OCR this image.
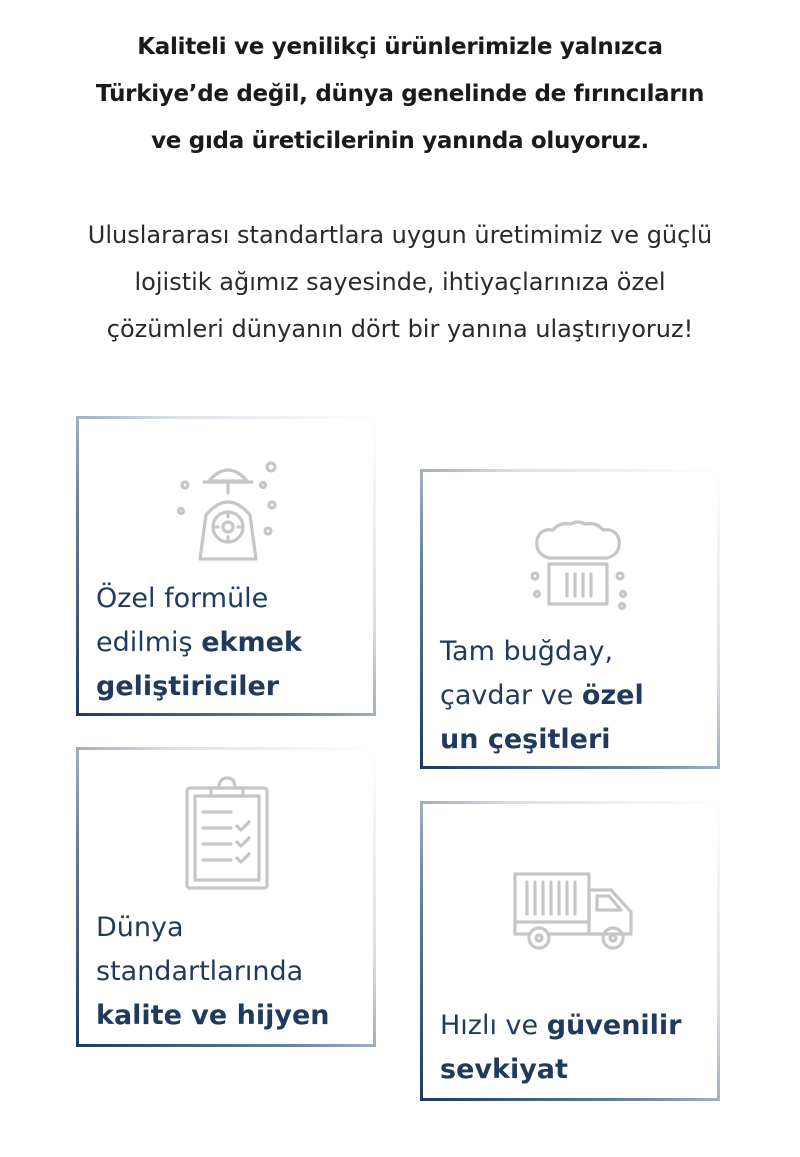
Kaliteli ve yenilikçi ürünlerimizle yalnızca
Türkiye’de değil, dünya genelinde de fırıncıların
ve gıda üreticilerinin yanında oluyoruz.
Uluslararası standartlara uygun üretimimiz ve güçlü
lojistik ağımız sayesinde, ihtiyaçlarınıza özel
çözümleri dünyanın dört bir yanına ulaştırıyoruz!
Özel formüle
edilmiş ekmek
geliştiriciler
Tam buğday,
çavdar ve özel
un çeşitleri
Dünya
standartlarında
kalite ve hijyen	Hızlı ve güvenilir
sevkiyat
